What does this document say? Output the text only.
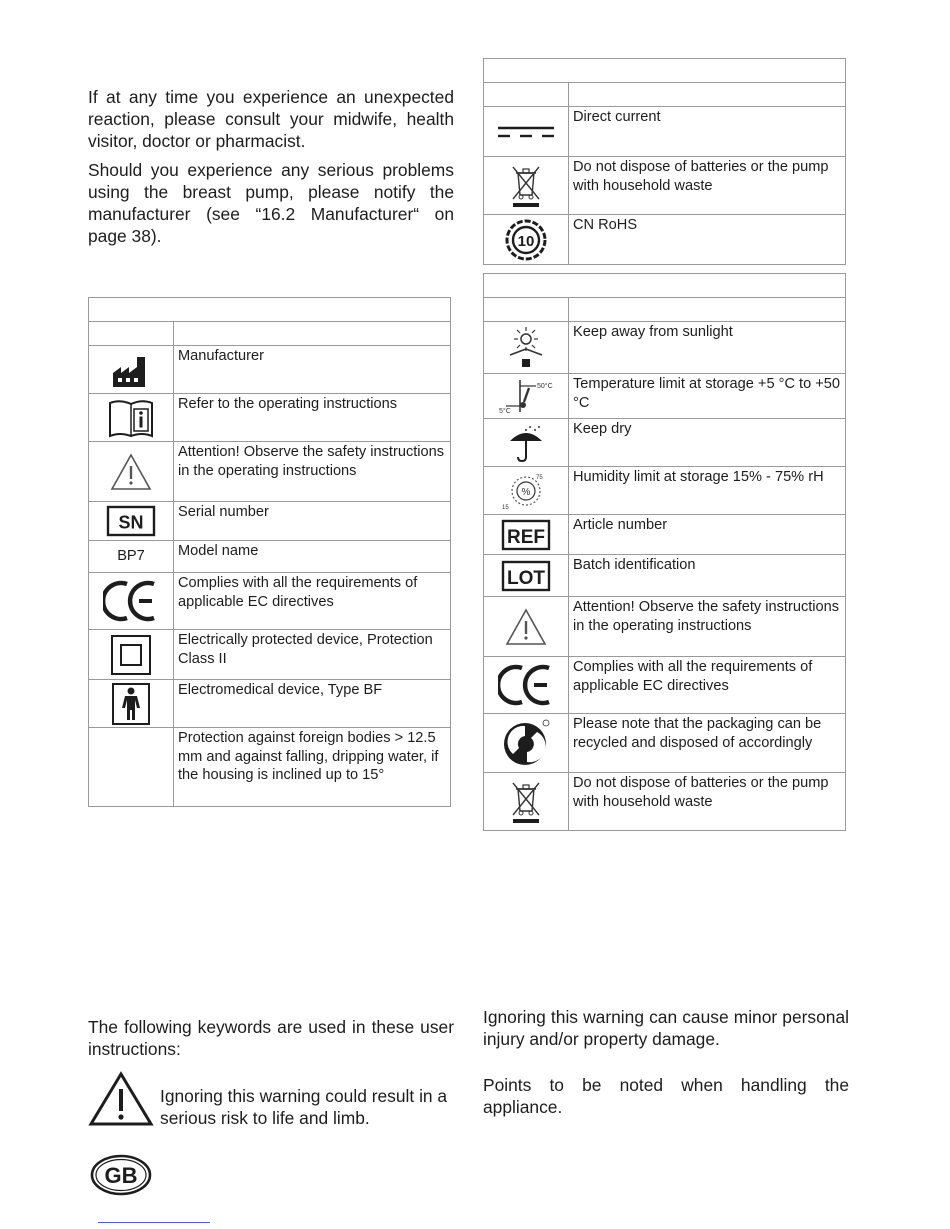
If at any time you experience an unexpected reaction, please consult your midwife, health visitor, doctor or pharmacist.

Should you experience any serious problems using the breast pump, please notify the manufacturer (see “16.2 Manufacturer“ on page 38).

	Manufacturer

	Refer to the operating instructions

	Attention! Observe the safety instructions in the operating instructions

SN	Serial number
BP7	Model name

	Complies with all the requirements of applicable EC directives

	Electrically protected device, Protection Class II

	Electromedical device, Type BF
	Protection against foreign bodies > 12.5 mm and against falling, dripping water, if the housing is inclined up to 15°

	Direct current

	Do not dispose of batteries or the pump with household waste

10	CN RoHS

	Keep away from sunlight

50°C
5°C	Temperature limit at storage +5 °C to +50 °C

	Keep dry

%
75
15	Humidity limit at storage 15% - 75% rH

REF	Article number

LOT	Batch identification

	Attention! Observe the safety instructions in the operating instructions

	Complies with all the requirements of applicable EC directives

	Please note that the packaging can be recycled and disposed of accordingly

	Do not dispose of batteries or the pump with household waste
The following keywords are used in these user instructions:
Ignoring this warning could result in a serious risk to life and limb.
Ignoring this warning can cause minor personal injury and/or property damage.
Points to be noted when handling the appliance.
GB
